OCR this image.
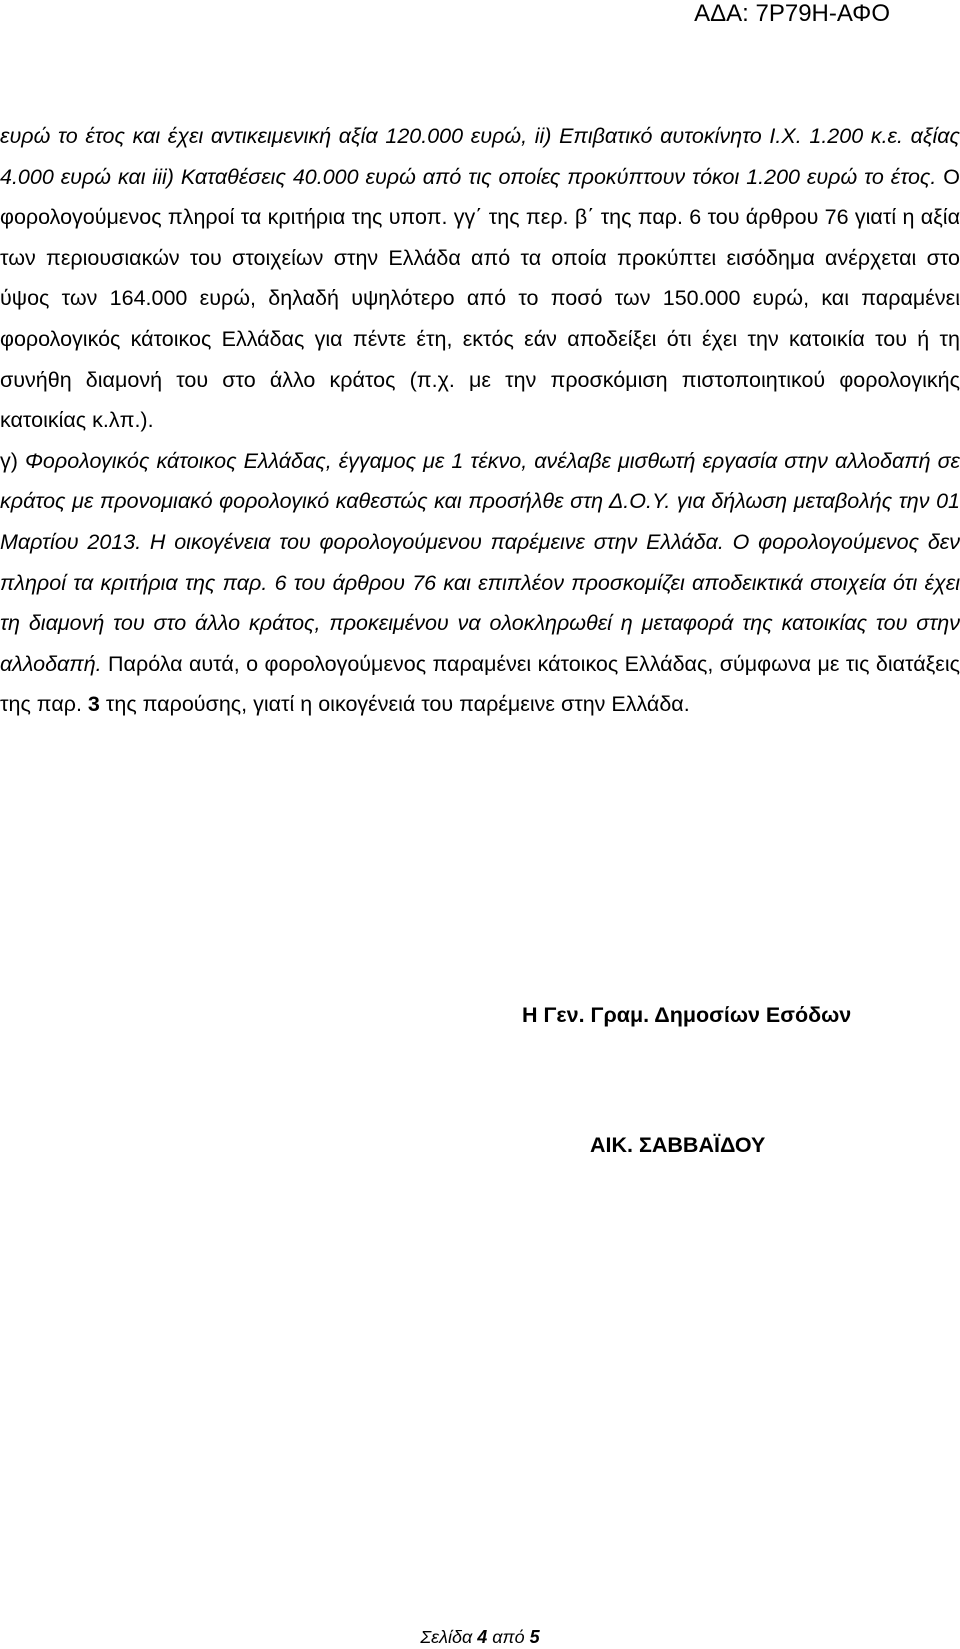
ΑΔΑ: 7Ρ79Η-ΑΦΟ

ευρώ το έτος και έχει αντικειμενική αξία 120.000 ευρώ, ii) Επιβατικό αυτοκίνητο Ι.Χ. 1.200 κ.ε. αξίας 4.000 ευρώ και iii) Καταθέσεις 40.000 ευρώ από τις οποίες προκύπτουν τόκοι 1.200 ευρώ το έτος. Ο φορολογούμενος πληροί τα κριτήρια της υποπ. γγ΄ της περ. β΄ της παρ. 6 του άρθρου 76 γιατί η αξία των περιουσιακών του στοιχείων στην Ελλάδα από τα οποία προκύπτει εισόδημα ανέρχεται στο ύψος των 164.000 ευρώ, δηλαδή υψηλότερο από το ποσό των 150.000 ευρώ, και παραμένει φορολογικός κάτοικος Ελλάδας για πέντε έτη, εκτός εάν αποδείξει ότι έχει την κατοικία του ή τη συνήθη διαμονή του στο άλλο κράτος (π.χ. με την προσκόμιση πιστοποιητικού φορολογικής κατοικίας κ.λπ.).

γ) Φορολογικός κάτοικος Ελλάδας, έγγαμος με 1 τέκνο, ανέλαβε μισθωτή εργασία στην αλλοδαπή σε κράτος με προνομιακό φορολογικό καθεστώς και προσήλθε στη Δ.Ο.Υ. για δήλωση μεταβολής την 01 Μαρτίου 2013. Η οικογένεια του φορολογούμενου παρέμεινε στην Ελλάδα. Ο φορολογούμενος δεν πληροί τα κριτήρια της παρ. 6 του άρθρου 76 και επιπλέον προσκομίζει αποδεικτικά στοιχεία ότι έχει τη διαμονή του στο άλλο κράτος, προκειμένου να ολοκληρωθεί η μεταφορά της κατοικίας του στην αλλοδαπή. Παρόλα αυτά, ο φορολογούμενος παραμένει κάτοικος Ελλάδας, σύμφωνα με τις διατάξεις της παρ. 3 της παρούσης, γιατί η οικογένειά του παρέμεινε στην Ελλάδα.

Η Γεν. Γραμ. Δημοσίων Εσόδων
ΑΙΚ. ΣΑΒΒΑΪΔΟΥ
Σελίδα 4 από 5
